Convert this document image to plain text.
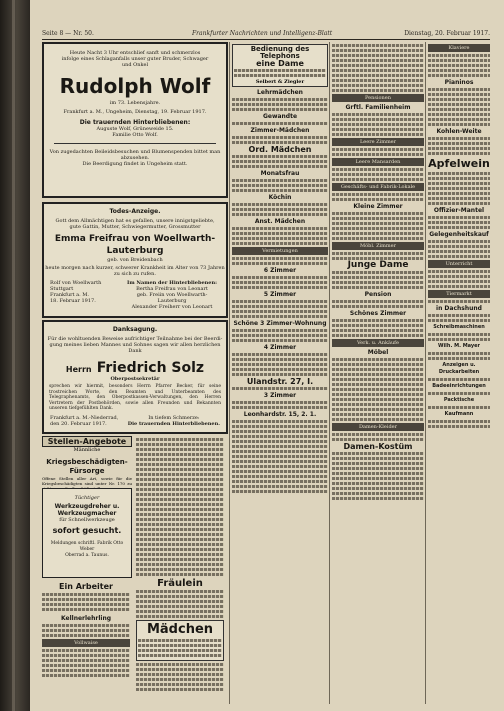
Seite 8 — Nr. 50.	Frankfurter Nachrichten und Intelligenz-Blatt	Dienstag, 20. Februar 1917.
Heute Nacht 3 Uhr entschlief sanft und schmerzlos
infolge eines Schlaganfalls unser guter Bruder, Schwager
und Onkel
Rudolph Wolf
im 73. Lebensjahre.
Frankfurt a. M., Ungeheim, Dienstag, 19. Februar 1917.
Die trauernden Hinterbliebenen:
Auguste Wolf, Grüneweide 15.
Familie Otto Wolf.
Von zugedachten Beileidsbesuchen und Blumenspenden bittet man
abzusehen.
Die Beerdigung findet in Ungeheim statt.
Todes-Anzeige.
Gott dem Allmächtigen hat es gefallen, unsere innigstgeliebte,
gute Gattin, Mutter, Schwiegermutter, Grossmutter
Emma Freifrau von Woellwarth-Lauterburg
geb. von Breidenbach
heute morgen nach kurzer, schwerer Krankheit im Alter von 73 Jahren
zu sich zu rufen.
Rolf von Woellwarth
Stuttgart
Frankfurt a. M.
18. Februar 1917.
Im Namen der Hinterbliebenen:
Bertha Freifrau von Leonart
geb. Freiin von Woellwarth-Lauterburg
Alexander Freiherr von Leonart
Danksagung.
Für die wohltuenden Beweise aufrichtiger Teilnahme bei der Beerdi-
gung meines lieben Mannes und Sohnes sagen wir allen herzlichen Dank
Herrn Friedrich Solz
Oberpostsekretär
sprechen wir hiermit, besonders Herrn Pfarrer Becker, für seine trostreichen Worte, den Beamten und Unterbeamten des Telegraphenamts, den Oberpostkassen-Verwaltungen, den Herren Vertretern der Postbehörden, sowie allen Freunden und Bekannten unseren tiefgefühlten Dank.
Frankfurt a. M.-Niederrad,
den 20. Februar 1917.
In tiefem Schmerze:
Die trauernden Hinterbliebenen.
Stellen-Angebote
Männliche
Kriegsbeschädigten-Fürsorge
Offene Stellen aller Art, sowie für die Kriegsbeschädigten sind unter Nr. 170 zu
Tüchtiger
Werkzeugdreher u. Werkzeugmacher
für Schnellwerkzeuge
sofort gesucht.
Meldungen schriftl. Fabrik Otto Weber
Oberrad a. Taunus.
Ein Arbeiter
Kellnerlehrling
Vollwaise
Fräulein
Mädchen
Bedienung des Telephons
eine Dame
Selbert & Ziegler
Lehrmädchen
Gewandte
Zimmer-Mädchen
Ord. Mädchen
Monatsfrau
Köchin
Anst. Mädchen
Vermietungen
6 Zimmer
5 Zimmer
Schöne 3 Zimmer-Wohnung
4 Zimmer
Ulandstr. 27, I.
3 Zimmer
Leonhardstr. 15, 2. 1.
Pensionen
Grftl. Familienheim
Leere Zimmer
Leere Mansarden
Geschäfts- und Fabrik-Lokale
Kleine Zimmer
Möbl. Zimmer
Junge Dame
Pension
Schönes Zimmer
Verk. u. Ankäufe
Möbel
Damen-Kleider
Damen-Kostüm
Klaviere
Pianinos
Kohlen-Weite
Apfelwein
Offizier-Mantel
Gelegenheitskauf
Unterricht
Tiermarkt
in Dachshund
Schreibmaschinen
Wilh. M. Mayer
Anzeigen u. Druckarbeiten
Badeeinrichtungen
Packtische
Kaufmann
